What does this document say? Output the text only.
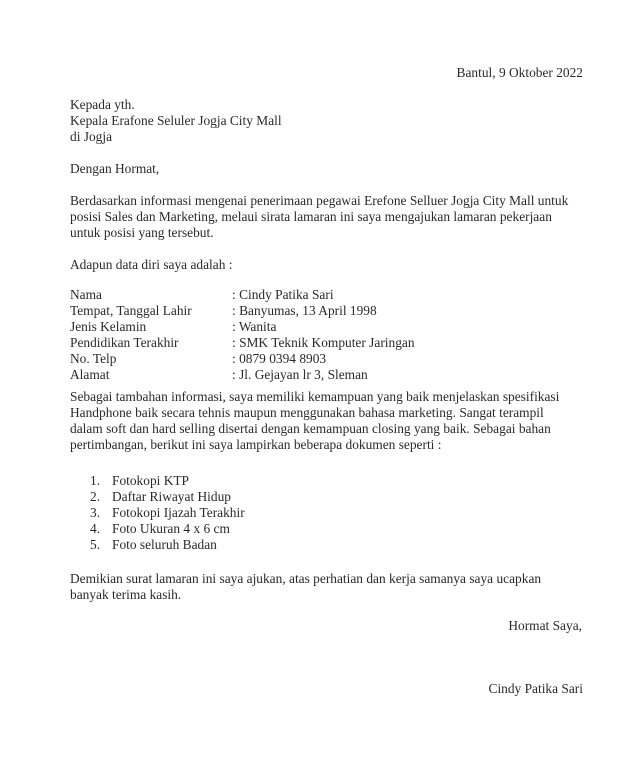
Bantul, 9 Oktober 2022
Kepada yth.
Kepala Erafone Seluler Jogja City Mall
di Jogja
Dengan Hormat,
Berdasarkan informasi mengenai penerimaan pegawai Erefone Selluer Jogja City Mall untuk
posisi Sales dan Marketing, melaui sirata lamaran ini saya mengajukan lamaran pekerjaan
untuk posisi yang tersebut.
Adapun data diri saya adalah :
Nama	: Cindy Patika Sari
Tempat, Tanggal Lahir	: Banyumas, 13 April 1998
Jenis Kelamin	: Wanita
Pendidikan Terakhir	: SMK Teknik Komputer Jaringan
No. Telp	: 0879 0394 8903
Alamat	: Jl. Gejayan lr 3, Sleman
Sebagai tambahan informasi, saya memiliki kemampuan yang baik menjelaskan spesifikasi
Handphone baik secara tehnis maupun menggunakan bahasa marketing. Sangat terampil
dalam soft dan hard selling disertai dengan kemampuan closing yang baik. Sebagai bahan
pertimbangan, berikut ini saya lampirkan beberapa dokumen seperti :
1. Fotokopi KTP
2. Daftar Riwayat Hidup
3. Fotokopi Ijazah Terakhir
4. Foto Ukuran 4 x 6 cm
5. Foto seluruh Badan
Demikian surat lamaran ini saya ajukan, atas perhatian dan kerja samanya saya ucapkan
banyak terima kasih.
Hormat Saya,
Cindy Patika Sari
